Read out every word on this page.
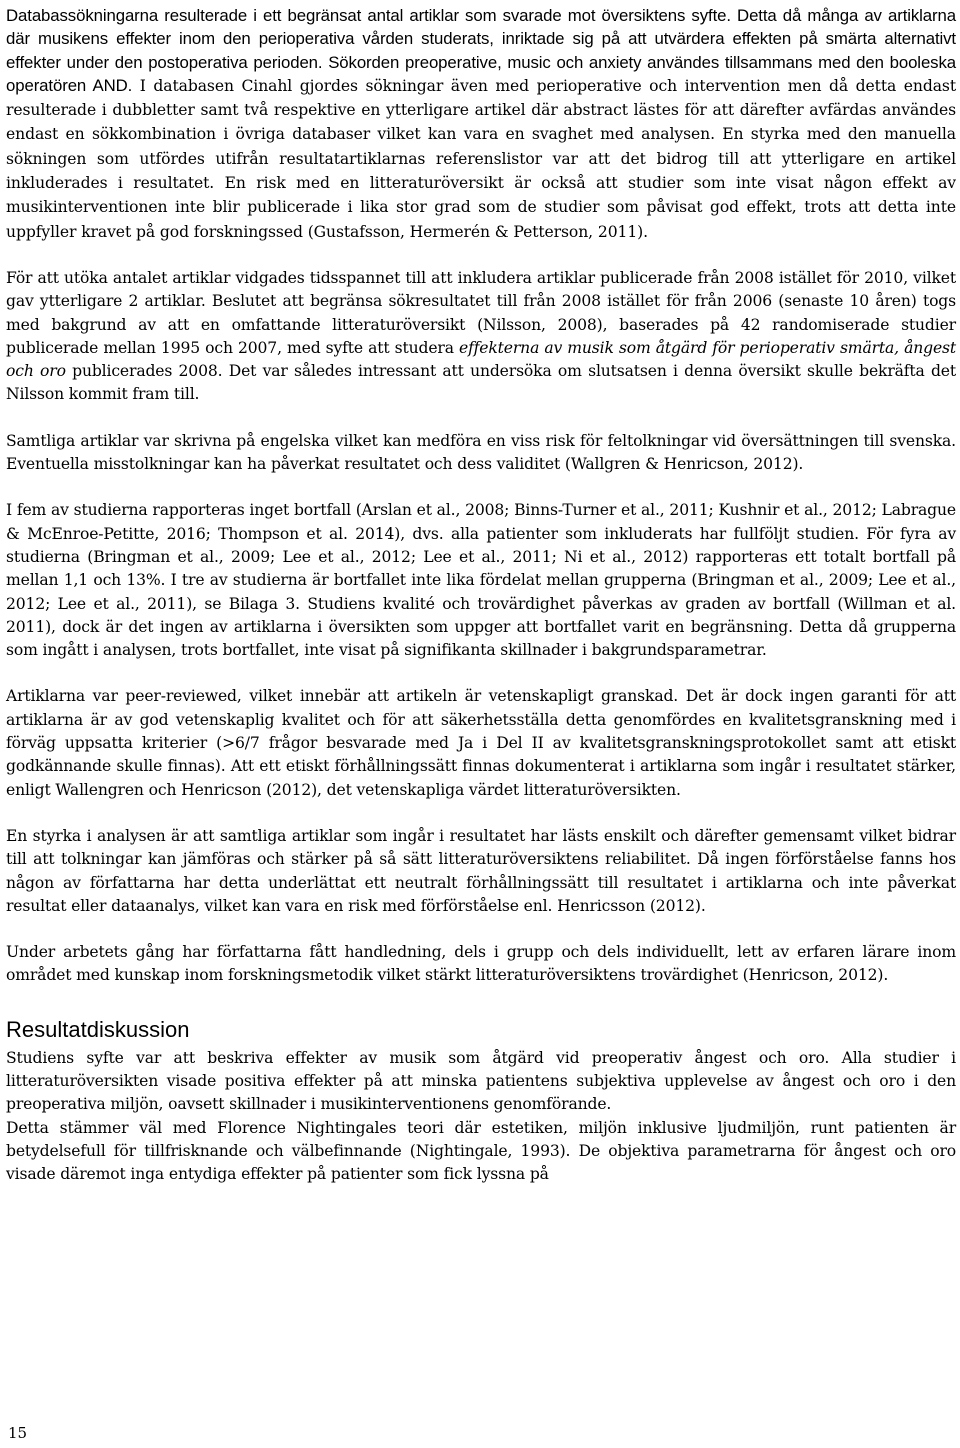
Databassökningarna resulterade i ett begränsat antal artiklar som svarade mot översiktens syfte. Detta då många av artiklarna där musikens effekter inom den perioperativa vården studerats, inriktade sig på att utvärdera effekten på smärta alternativt effekter under den postoperativa perioden. Sökorden preoperative, music och anxiety användes tillsammans med den booleska operatören AND. I databasen Cinahl gjordes sökningar även med perioperative och intervention men då detta endast resulterade i dubbletter samt två respektive en ytterligare artikel där abstract lästes för att därefter avfärdas användes endast en sökkombination i övriga databaser vilket kan vara en svaghet med analysen. En styrka med den manuella sökningen som utfördes utifrån resultatartiklarnas referenslistor var att det bidrog till att ytterligare en artikel inkluderades i resultatet. En risk med en litteraturöversikt är också att studier som inte visat någon effekt av musikinterventionen inte blir publicerade i lika stor grad som de studier som påvisat god effekt, trots att detta inte uppfyller kravet på god forskningssed (Gustafsson, Hermerén & Petterson, 2011).

För att utöka antalet artiklar vidgades tidsspannet till att inkludera artiklar publicerade från 2008 istället för 2010, vilket gav ytterligare 2 artiklar. Beslutet att begränsa sökresultatet till från 2008 istället för från 2006 (senaste 10 åren) togs med bakgrund av att en omfattande litteraturöversikt (Nilsson, 2008), baserades på 42 randomiserade studier publicerade mellan 1995 och 2007, med syfte att studera effekterna av musik som åtgärd för perioperativ smärta, ångest och oro publicerades 2008. Det var således intressant att undersöka om slutsatsen i denna översikt skulle bekräfta det Nilsson kommit fram till.

Samtliga artiklar var skrivna på engelska vilket kan medföra en viss risk för feltolkningar vid översättningen till svenska. Eventuella misstolkningar kan ha påverkat resultatet och dess validitet (Wallgren & Henricson, 2012).

I fem av studierna rapporteras inget bortfall (Arslan et al., 2008; Binns-Turner et al., 2011; Kushnir et al., 2012; Labrague & McEnroe-Petitte, 2016; Thompson et al. 2014), dvs. alla patienter som inkluderats har fullföljt studien. För fyra av studierna (Bringman et al., 2009; Lee et al., 2012; Lee et al., 2011; Ni et al., 2012) rapporteras ett totalt bortfall på mellan 1,1 och 13%. I tre av studierna är bortfallet inte lika fördelat mellan grupperna (Bringman et al., 2009; Lee et al., 2012; Lee et al., 2011), se Bilaga 3. Studiens kvalité och trovärdighet påverkas av graden av bortfall (Willman et al. 2011), dock är det ingen av artiklarna i översikten som uppger att bortfallet varit en begränsning. Detta då grupperna som ingått i analysen, trots bortfallet, inte visat på signifikanta skillnader i bakgrundsparametrar.

Artiklarna var peer-reviewed, vilket innebär att artikeln är vetenskapligt granskad. Det är dock ingen garanti för att artiklarna är av god vetenskaplig kvalitet och för att säkerhetsställa detta genomfördes en kvalitetsgranskning med i förväg uppsatta kriterier (>6/7 frågor besvarade med Ja i Del II av kvalitetsgranskningsprotokollet samt att etiskt godkännande skulle finnas). Att ett etiskt förhållningssätt finnas dokumenterat i artiklarna som ingår i resultatet stärker, enligt Wallengren och Henricson (2012), det vetenskapliga värdet litteraturöversikten.

En styrka i analysen är att samtliga artiklar som ingår i resultatet har lästs enskilt och därefter gemensamt vilket bidrar till att tolkningar kan jämföras och stärker på så sätt litteraturöversiktens reliabilitet. Då ingen förförståelse fanns hos någon av författarna har detta underlättat ett neutralt förhållningssätt till resultatet i artiklarna och inte påverkat resultat eller dataanalys, vilket kan vara en risk med förförståelse enl. Henricsson (2012).

Under arbetets gång har författarna fått handledning, dels i grupp och dels individuellt, lett av erfaren lärare inom området med kunskap inom forskningsmetodik vilket stärkt litteraturöversiktens trovärdighet (Henricson, 2012).

Resultatdiskussion

Studiens syfte var att beskriva effekter av musik som åtgärd vid preoperativ ångest och oro. Alla studier i litteraturöversikten visade positiva effekter på att minska patientens subjektiva upplevelse av ångest och oro i den preoperativa miljön, oavsett skillnader i musikinterventionens genomförande.

Detta stämmer väl med Florence Nightingales teori där estetiken, miljön inklusive ljudmiljön, runt patienten är betydelsefull för tillfrisknande och välbefinnande (Nightingale, 1993). De objektiva parametrarna för ångest och oro visade däremot inga entydiga effekter på patienter som fick lyssna på

15
